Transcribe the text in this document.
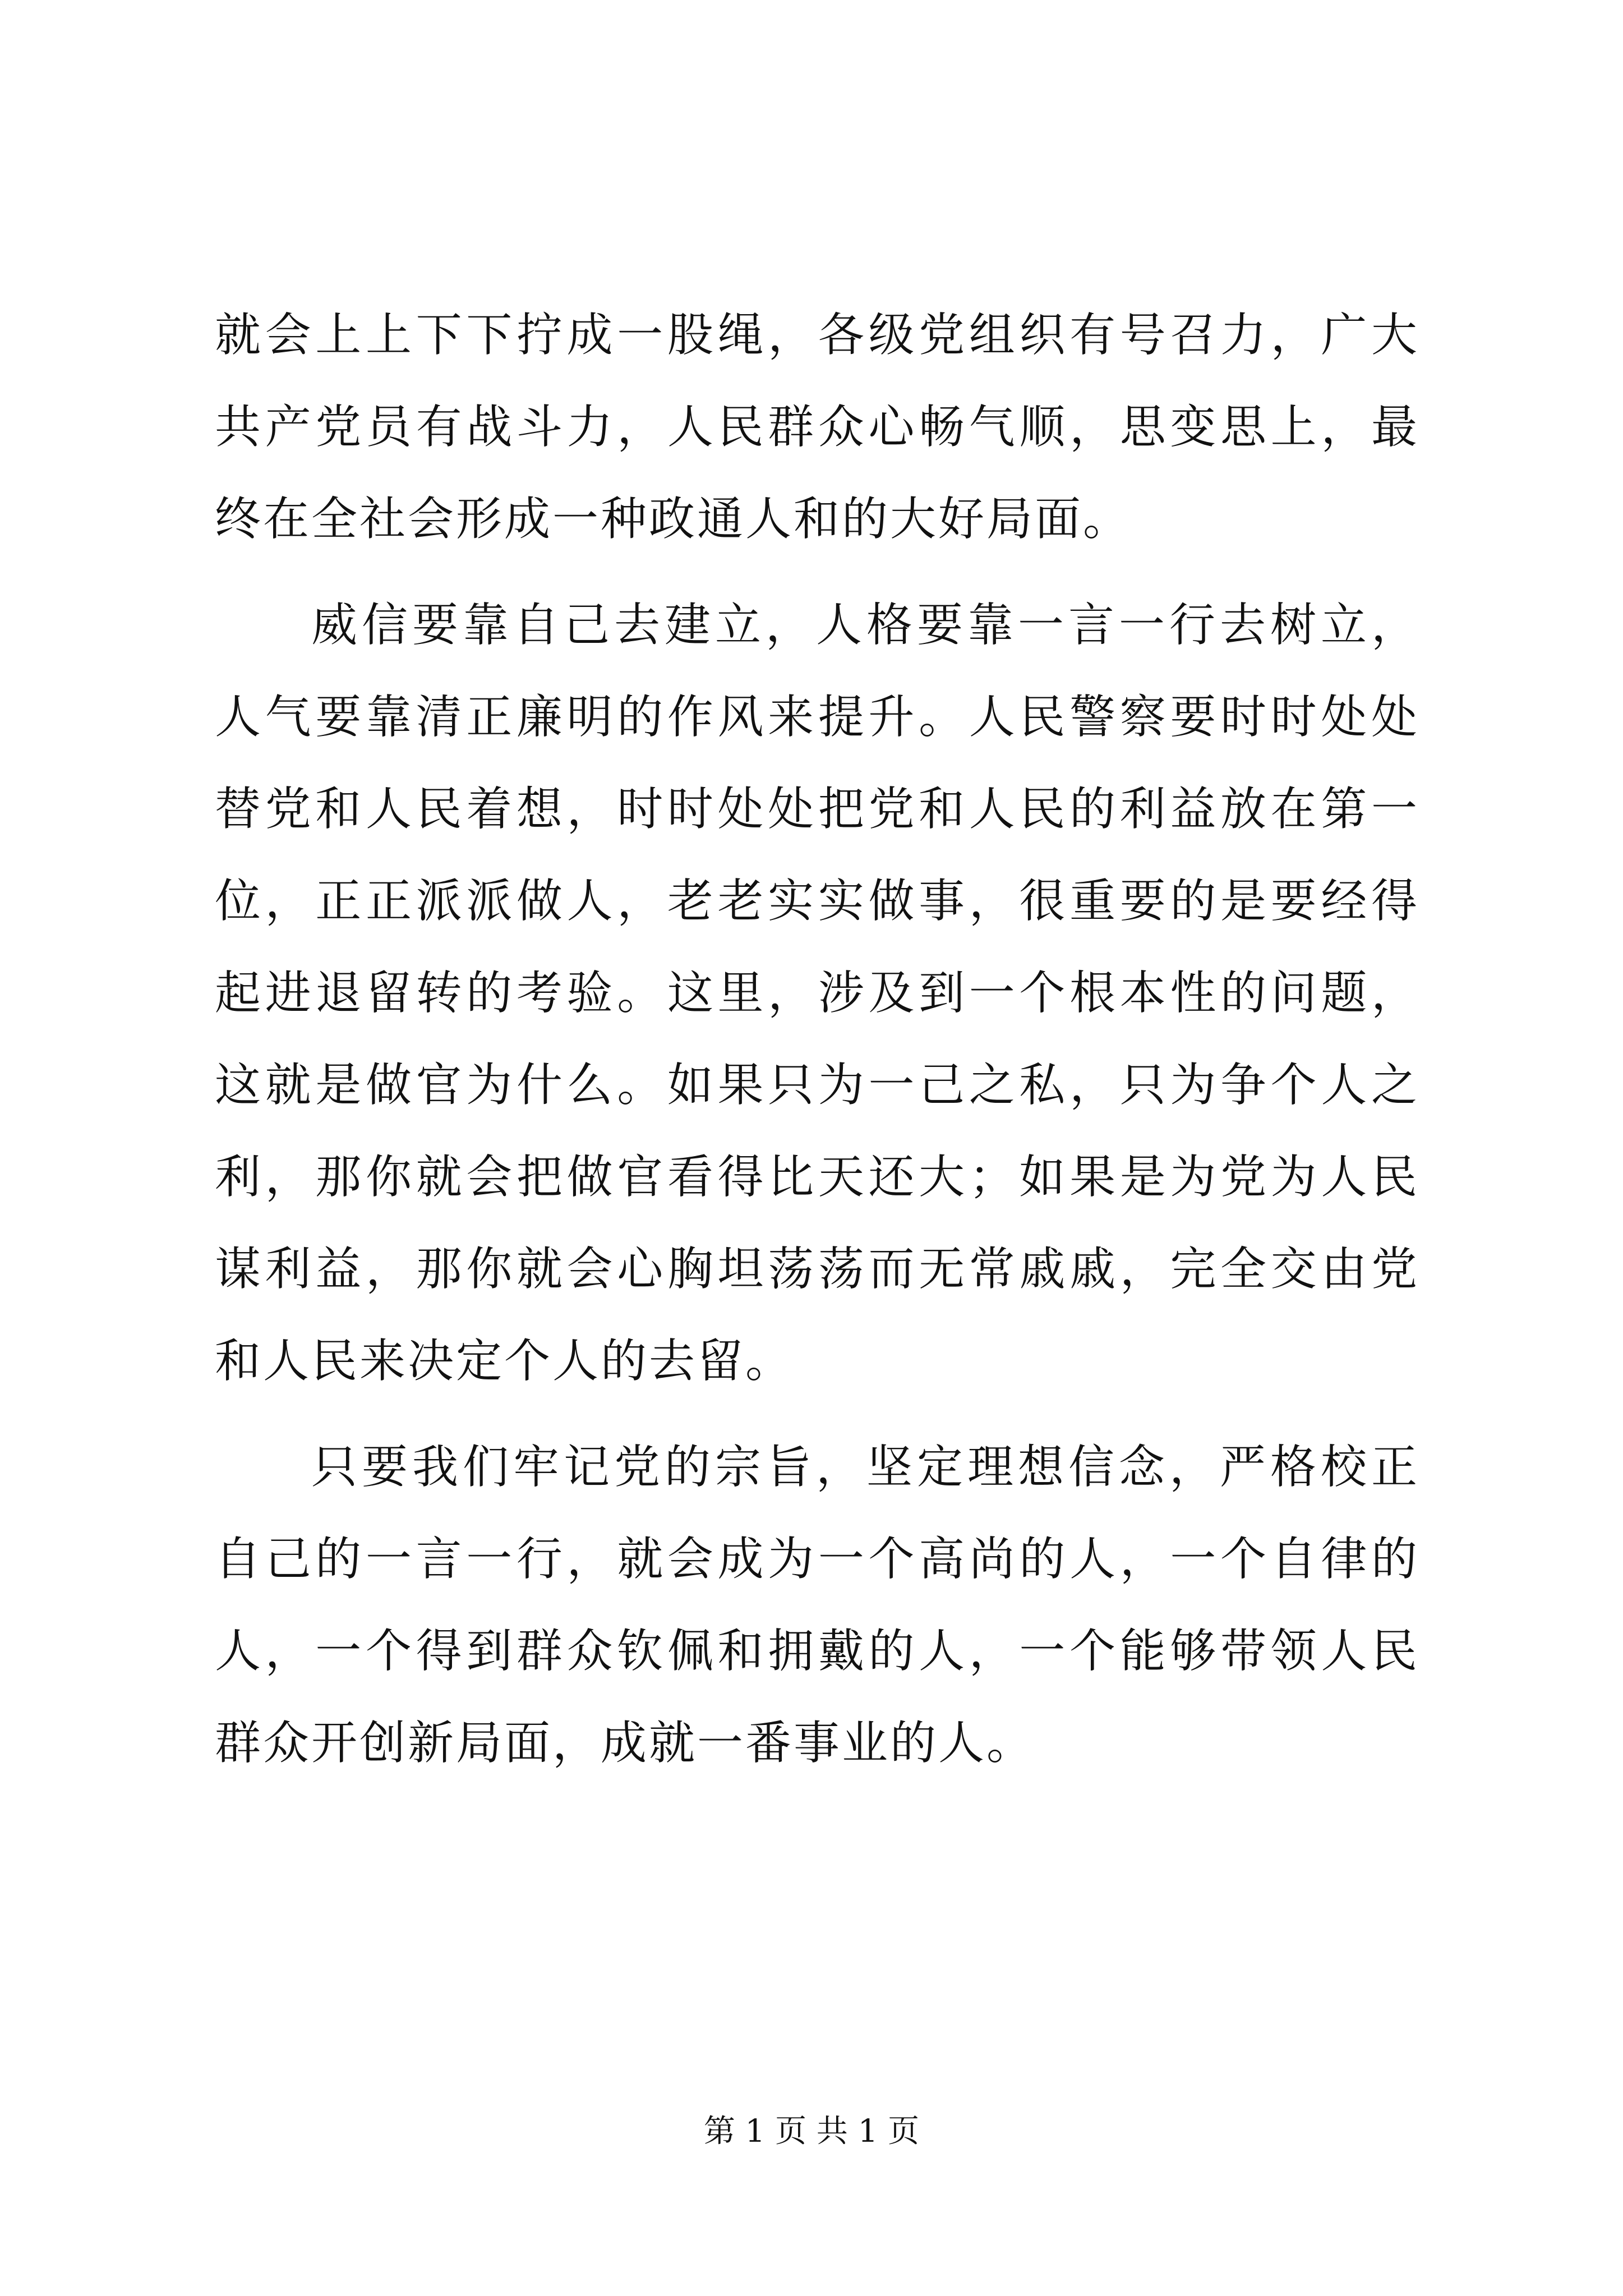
就会上上下下拧成一股绳，各级党组织有号召力，广大共产党员有战斗力，人民群众心畅气顺，思变思上，最终在全社会形成一种政通人和的大好局面。

威信要靠自己去建立，人格要靠一言一行去树立，人气要靠清正廉明的作风来提升。人民警察要时时处处替党和人民着想，时时处处把党和人民的利益放在第一位，正正派派做人，老老实实做事，很重要的是要经得起进退留转的考验。这里，涉及到一个根本性的问题，这就是做官为什么。如果只为一己之私，只为争个人之利，那你就会把做官看得比天还大；如果是为党为人民谋利益，那你就会心胸坦荡荡而无常戚戚，完全交由党和人民来决定个人的去留。

只要我们牢记党的宗旨，坚定理想信念，严格校正自己的一言一行，就会成为一个高尚的人，一个自律的人，一个得到群众钦佩和拥戴的人，一个能够带领人民群众开创新局面，成就一番事业的人。

第 1 页 共 1 页
